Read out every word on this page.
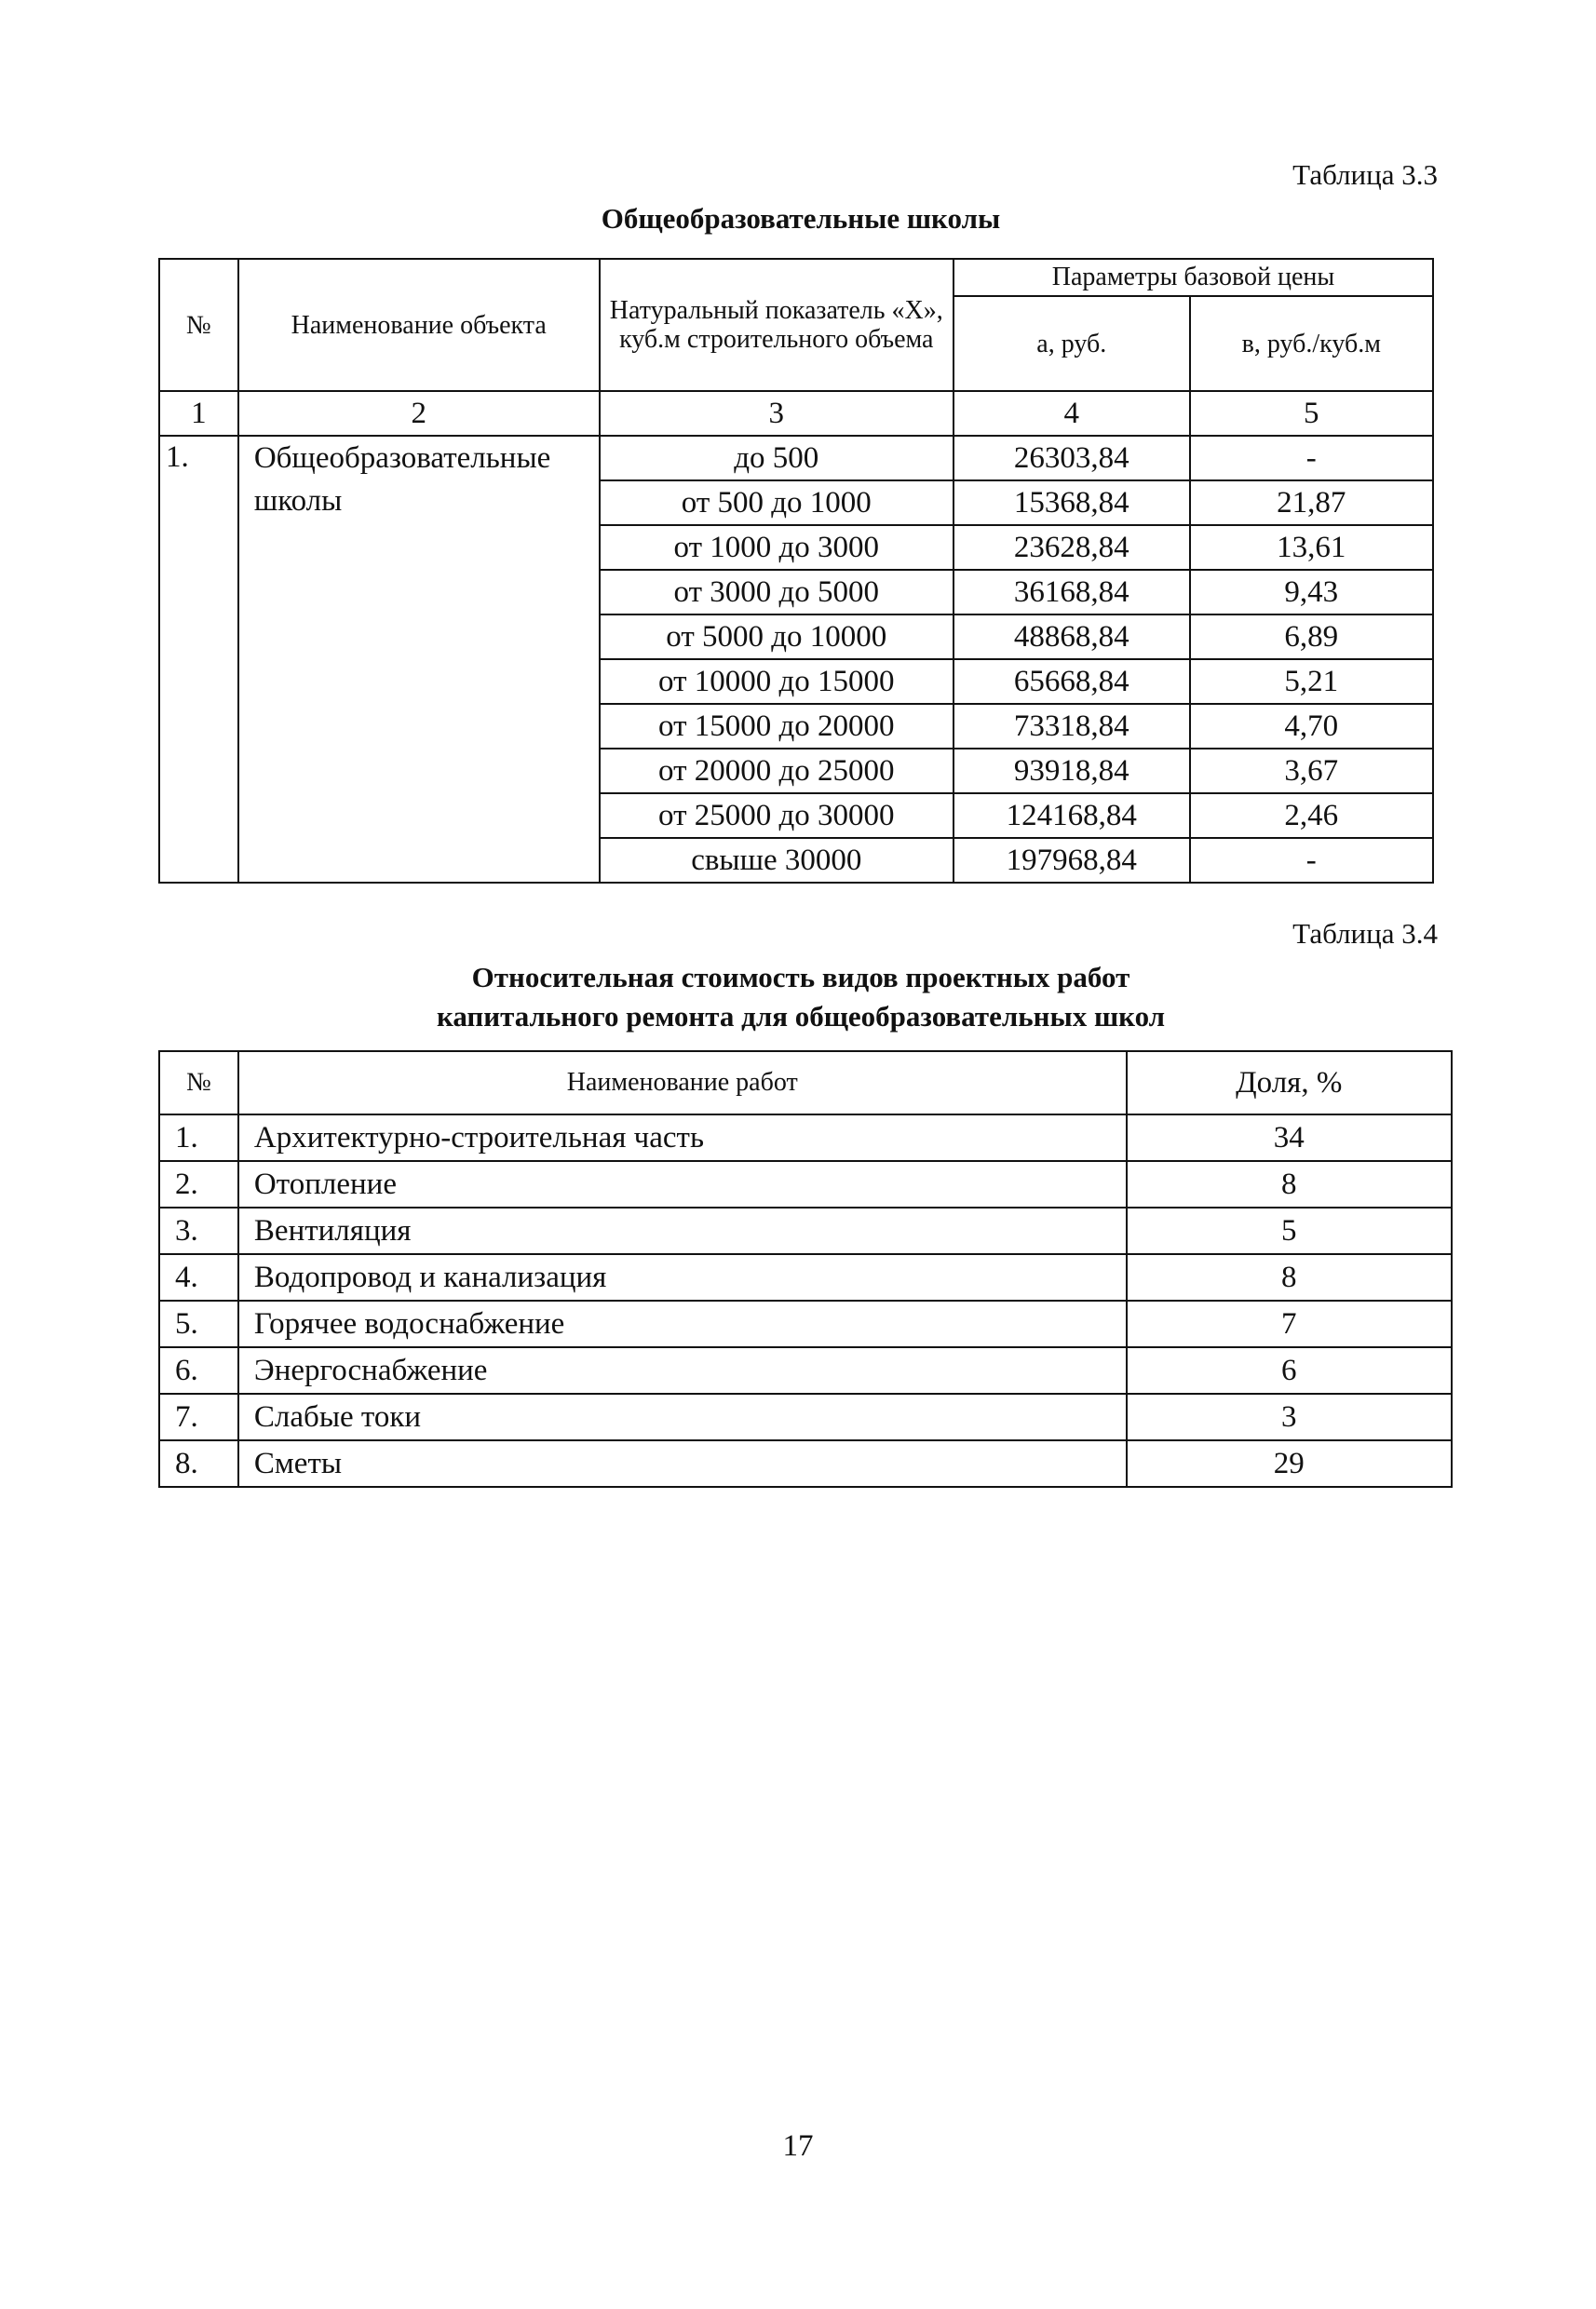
Таблица 3.3
Общеобразовательные школы
№	Наименование объекта	Натуральный показатель «Х», куб.м строительного объема	Параметры базовой цены	
			а, руб.	в, руб./куб.м
1	2	3	4	5
1.	Общеобразовательные школы	до 500	26303,84	-
		от 500 до 1000	15368,84	21,87
		от 1000 до 3000	23628,84	13,61
		от 3000 до 5000	36168,84	9,43
		от 5000 до 10000	48868,84	6,89
		от 10000 до 15000	65668,84	5,21
		от 15000 до 20000	73318,84	4,70
		от 20000 до 25000	93918,84	3,67
		от 25000 до 30000	124168,84	2,46
		свыше 30000	197968,84	-
Таблица 3.4
Относительная стоимость видов проектных работ
капитального ремонта для общеобразовательных школ
№	Наименование работ	Доля, %
1.	Архитектурно-строительная часть	34
2.	Отопление	8
3.	Вентиляция	5
4.	Водопровод и канализация	8
5.	Горячее водоснабжение	7
6.	Энергоснабжение	6
7.	Слабые токи	3
8.	Сметы	29
17
